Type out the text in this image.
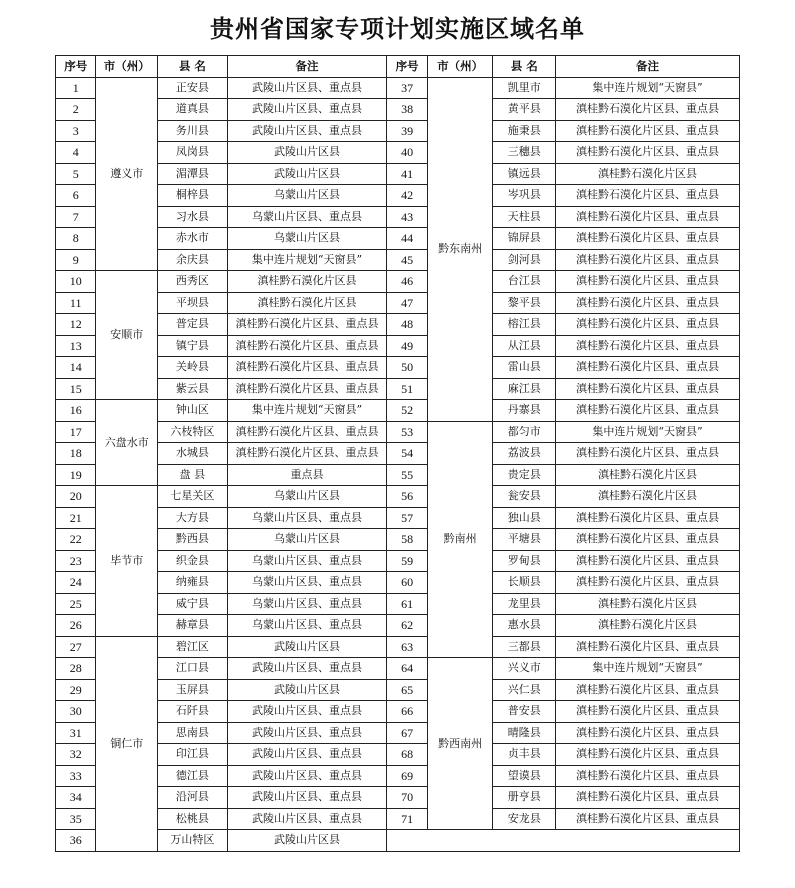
贵州省国家专项计划实施区域名单
序号	市（州）	县 名	备注	序号	市（州）	县 名	备注
1	遵义市	正安县	武陵山片区县、重点县	37	黔东南州	凯里市	集中连片规划“天窗县”
2		道真县	武陵山片区县、重点县	38		黄平县	滇桂黔石漠化片区县、重点县
3		务川县	武陵山片区县、重点县	39		施秉县	滇桂黔石漠化片区县、重点县
4		凤岗县	武陵山片区县	40		三穗县	滇桂黔石漠化片区县、重点县
5		湄潭县	武陵山片区县	41		镇远县	滇桂黔石漠化片区县
6		桐梓县	乌蒙山片区县	42		岑巩县	滇桂黔石漠化片区县、重点县
7		习水县	乌蒙山片区县、重点县	43		天柱县	滇桂黔石漠化片区县、重点县
8		赤水市	乌蒙山片区县	44		锦屏县	滇桂黔石漠化片区县、重点县
9		余庆县	集中连片规划“天窗县”	45		剑河县	滇桂黔石漠化片区县、重点县
10	安顺市	西秀区	滇桂黔石漠化片区县	46		台江县	滇桂黔石漠化片区县、重点县
11		平坝县	滇桂黔石漠化片区县	47		黎平县	滇桂黔石漠化片区县、重点县
12		普定县	滇桂黔石漠化片区县、重点县	48		榕江县	滇桂黔石漠化片区县、重点县
13		镇宁县	滇桂黔石漠化片区县、重点县	49		从江县	滇桂黔石漠化片区县、重点县
14		关岭县	滇桂黔石漠化片区县、重点县	50		雷山县	滇桂黔石漠化片区县、重点县
15		紫云县	滇桂黔石漠化片区县、重点县	51		麻江县	滇桂黔石漠化片区县、重点县
16	六盘水市	钟山区	集中连片规划“天窗县”	52		丹寨县	滇桂黔石漠化片区县、重点县
17		六枝特区	滇桂黔石漠化片区县、重点县	53	黔南州	都匀市	集中连片规划“天窗县”
18		水城县	滇桂黔石漠化片区县、重点县	54		荔波县	滇桂黔石漠化片区县、重点县
19		盘 县	重点县	55		贵定县	滇桂黔石漠化片区县
20	毕节市	七星关区	乌蒙山片区县	56		瓮安县	滇桂黔石漠化片区县
21		大方县	乌蒙山片区县、重点县	57		独山县	滇桂黔石漠化片区县、重点县
22		黔西县	乌蒙山片区县	58		平塘县	滇桂黔石漠化片区县、重点县
23		织金县	乌蒙山片区县、重点县	59		罗甸县	滇桂黔石漠化片区县、重点县
24		纳雍县	乌蒙山片区县、重点县	60		长顺县	滇桂黔石漠化片区县、重点县
25		威宁县	乌蒙山片区县、重点县	61		龙里县	滇桂黔石漠化片区县
26		赫章县	乌蒙山片区县、重点县	62		惠水县	滇桂黔石漠化片区县
27	铜仁市	碧江区	武陵山片区县	63		三都县	滇桂黔石漠化片区县、重点县
28		江口县	武陵山片区县、重点县	64	黔西南州	兴义市	集中连片规划“天窗县”
29		玉屏县	武陵山片区县	65		兴仁县	滇桂黔石漠化片区县、重点县
30		石阡县	武陵山片区县、重点县	66		普安县	滇桂黔石漠化片区县、重点县
31		思南县	武陵山片区县、重点县	67		晴隆县	滇桂黔石漠化片区县、重点县
32		印江县	武陵山片区县、重点县	68		贞丰县	滇桂黔石漠化片区县、重点县
33		德江县	武陵山片区县、重点县	69		望谟县	滇桂黔石漠化片区县、重点县
34		沿河县	武陵山片区县、重点县	70		册亨县	滇桂黔石漠化片区县、重点县
35		松桃县	武陵山片区县、重点县	71		安龙县	滇桂黔石漠化片区县、重点县
36		万山特区	武陵山片区县				
